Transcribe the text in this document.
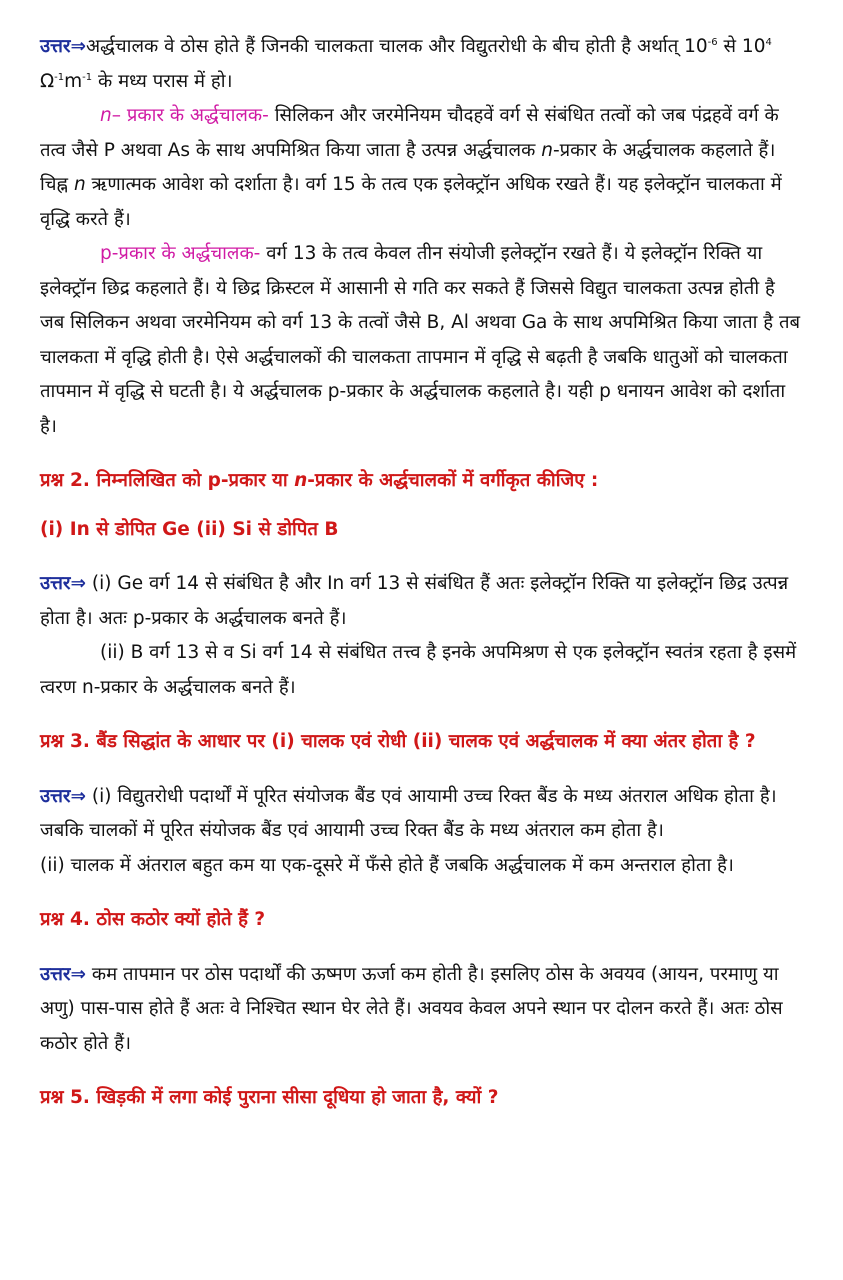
उत्तर⇒अर्द्धचालक वे ठोस होते हैं जिनकी चालकता चालक और विद्युतरोधी के बीच होती है अर्थात् $10^{-6}$ से $10^4$ $\Omega^{-1}m^{-1}$ के मध्य परास में हो।

n– प्रकार के अर्द्धचालक- सिलिकन और जरमेनियम चौदहवें वर्ग से संबंधित तत्वों को जब पंद्रहवें वर्ग के तत्व जैसे P अथवा As के साथ अपमिश्रित किया जाता है उत्पन्न अर्द्धचालक n-प्रकार के अर्द्धचालक कहलाते हैं। चिह्न n ऋणात्मक आवेश को दर्शाता है। वर्ग 15 के तत्व एक इलेक्ट्रॉन अधिक रखते हैं। यह इलेक्ट्रॉन चालकता में वृद्धि करते हैं।

p-प्रकार के अर्द्धचालक- वर्ग 13 के तत्व केवल तीन संयोजी इलेक्ट्रॉन रखते हैं। ये इलेक्ट्रॉन रिक्ति या इलेक्ट्रॉन छिद्र कहलाते हैं। ये छिद्र क्रिस्टल में आसानी से गति कर सकते हैं जिससे विद्युत चालकता उत्पन्न होती है जब सिलिकन अथवा जरमेनियम को वर्ग 13 के तत्वों जैसे B, Al अथवा Ga के साथ अपमिश्रित किया जाता है तब चालकता में वृद्धि होती है। ऐसे अर्द्धचालकों की चालकता तापमान में वृद्धि से बढ़ती है जबकि धातुओं को चालकता तापमान में वृद्धि से घटती है। ये अर्द्धचालक p-प्रकार के अर्द्धचालक कहलाते है। यही p धनायन आवेश को दर्शाता है।

प्रश्न 2. निम्नलिखित को p-प्रकार या n-प्रकार के अर्द्धचालकों में वर्गीकृत कीजिए :

(i) In से डोपित Ge (ii) Si से डोपित B

उत्तर⇒ (i) Ge वर्ग 14 से संबंधित है और In वर्ग 13 से संबंधित हैं अतः इलेक्ट्रॉन रिक्ति या इलेक्ट्रॉन छिद्र उत्पन्न होता है। अतः p-प्रकार के अर्द्धचालक बनते हैं।

(ii) B वर्ग 13 से व Si वर्ग 14 से संबंधित तत्त्व है इनके अपमिश्रण से एक इलेक्ट्रॉन स्वतंत्र रहता है इसमें त्वरण n-प्रकार के अर्द्धचालक बनते हैं।

प्रश्न 3. बैंड सिद्धांत के आधार पर (i) चालक एवं रोधी (ii) चालक एवं अर्द्धचालक में क्या अंतर होता है ?

उत्तर⇒ (i) विद्युतरोधी पदार्थों में पूरित संयोजक बैंड एवं आयामी उच्च रिक्त बैंड के मध्य अंतराल अधिक होता है। जबकि चालकों में पूरित संयोजक बैंड एवं आयामी उच्च रिक्त बैंड के मध्य अंतराल कम होता है।

(ii) चालक में अंतराल बहुत कम या एक-दूसरे में फँसे होते हैं जबकि अर्द्धचालक में कम अन्तराल होता है।

प्रश्न 4. ठोस कठोर क्यों होते हैं ?

उत्तर⇒ कम तापमान पर ठोस पदार्थों की ऊष्मण ऊर्जा कम होती है। इसलिए ठोस के अवयव (आयन, परमाणु या अणु) पास-पास होते हैं अतः वे निश्चित स्थान घेर लेते हैं। अवयव केवल अपने स्थान पर दोलन करते हैं। अतः ठोस कठोर होते हैं।

प्रश्न 5. खिड़की में लगा कोई पुराना सीसा दूधिया हो जाता है, क्यों ?
